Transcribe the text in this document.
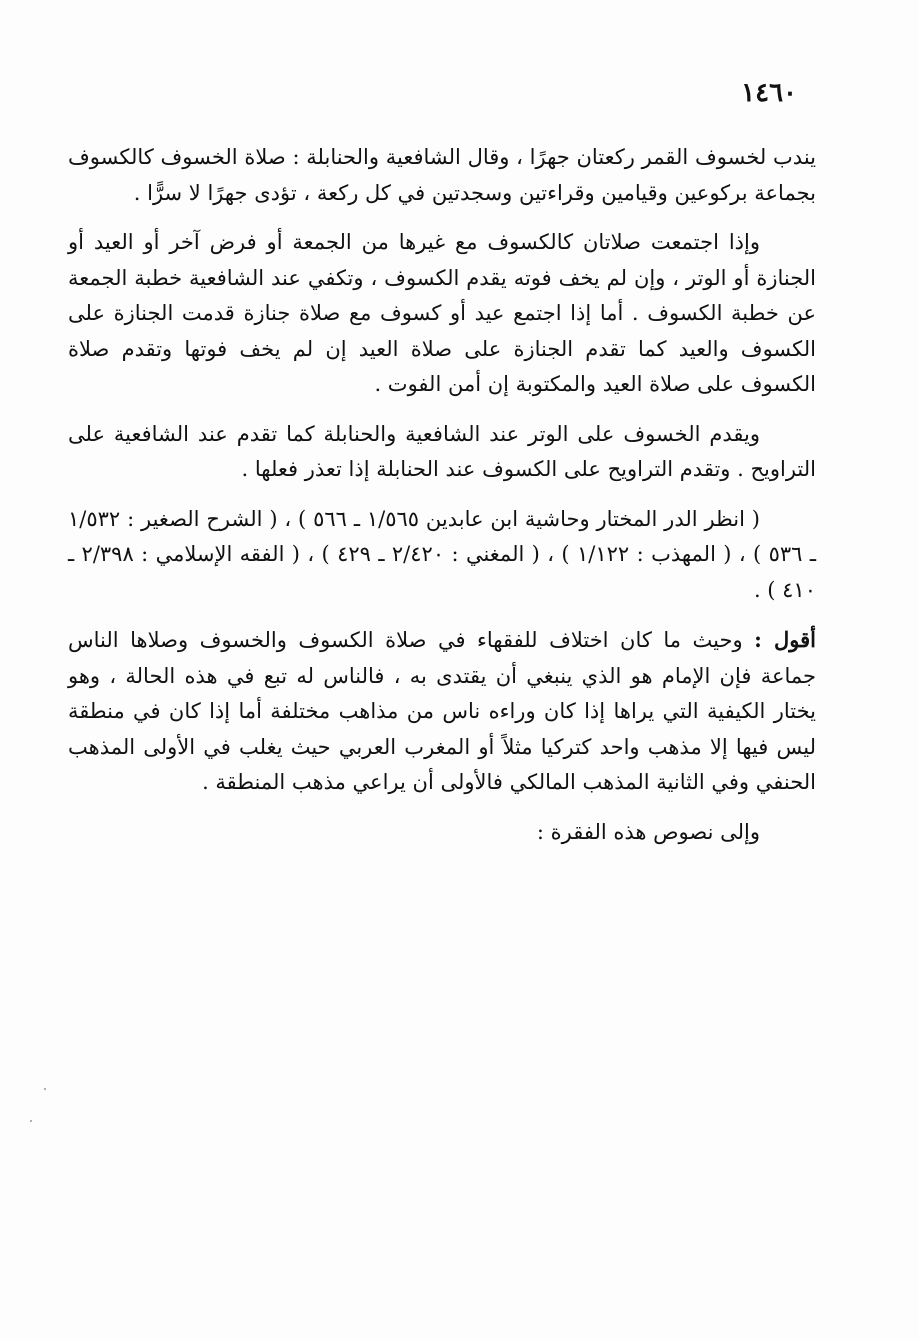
١٤٦٠

يندب لخسوف القمر ركعتان جهرًا ، وقال الشافعية والحنابلة : صلاة الخسوف كالكسوف بجماعة بركوعين وقيامين وقراءتين وسجدتين في كل ركعة ، تؤدى جهرًا لا سرًّا .

وإذا اجتمعت صلاتان كالكسوف مع غيرها من الجمعة أو فرض آخر أو العيد أو الجنازة أو الوتر ، وإن لم يخف فوته يقدم الكسوف ، وتكفي عند الشافعية خطبة الجمعة عن خطبة الكسوف . أما إذا اجتمع عيد أو كسوف مع صلاة جنازة قدمت الجنازة على الكسوف والعيد كما تقدم الجنازة على صلاة العيد إن لم يخف فوتها وتقدم صلاة الكسوف على صلاة العيد والمكتوبة إن أمن الفوت .

ويقدم الخسوف على الوتر عند الشافعية والحنابلة كما تقدم عند الشافعية على التراويح . وتقدم التراويح على الكسوف عند الحنابلة إذا تعذر فعلها .

( انظر الدر المختار وحاشية ابن عابدين ١/٥٦٥ ـ ٥٦٦ ) ، ( الشرح الصغير : ١/٥٣٢ ـ ٥٣٦ ) ، ( المهذب : ١/١٢٢ ) ، ( المغني : ٢/٤٢٠ ـ ٤٢٩ ) ، ( الفقه الإسلامي : ٢/٣٩٨ ـ ٤١٠ ) .

أقول : وحيث ما كان اختلاف للفقهاء في صلاة الكسوف والخسوف وصلاها الناس جماعة فإن الإمام هو الذي ينبغي أن يقتدى به ، فالناس له تبع في هذه الحالة ، وهو يختار الكيفية التي يراها إذا كان وراءه ناس من مذاهب مختلفة أما إذا كان في منطقة ليس فيها إلا مذهب واحد كتركيا مثلاً أو المغرب العربي حيث يغلب في الأولى المذهب الحنفي وفي الثانية المذهب المالكي فالأولى أن يراعي مذهب المنطقة .

وإلى نصوص هذه الفقرة :
